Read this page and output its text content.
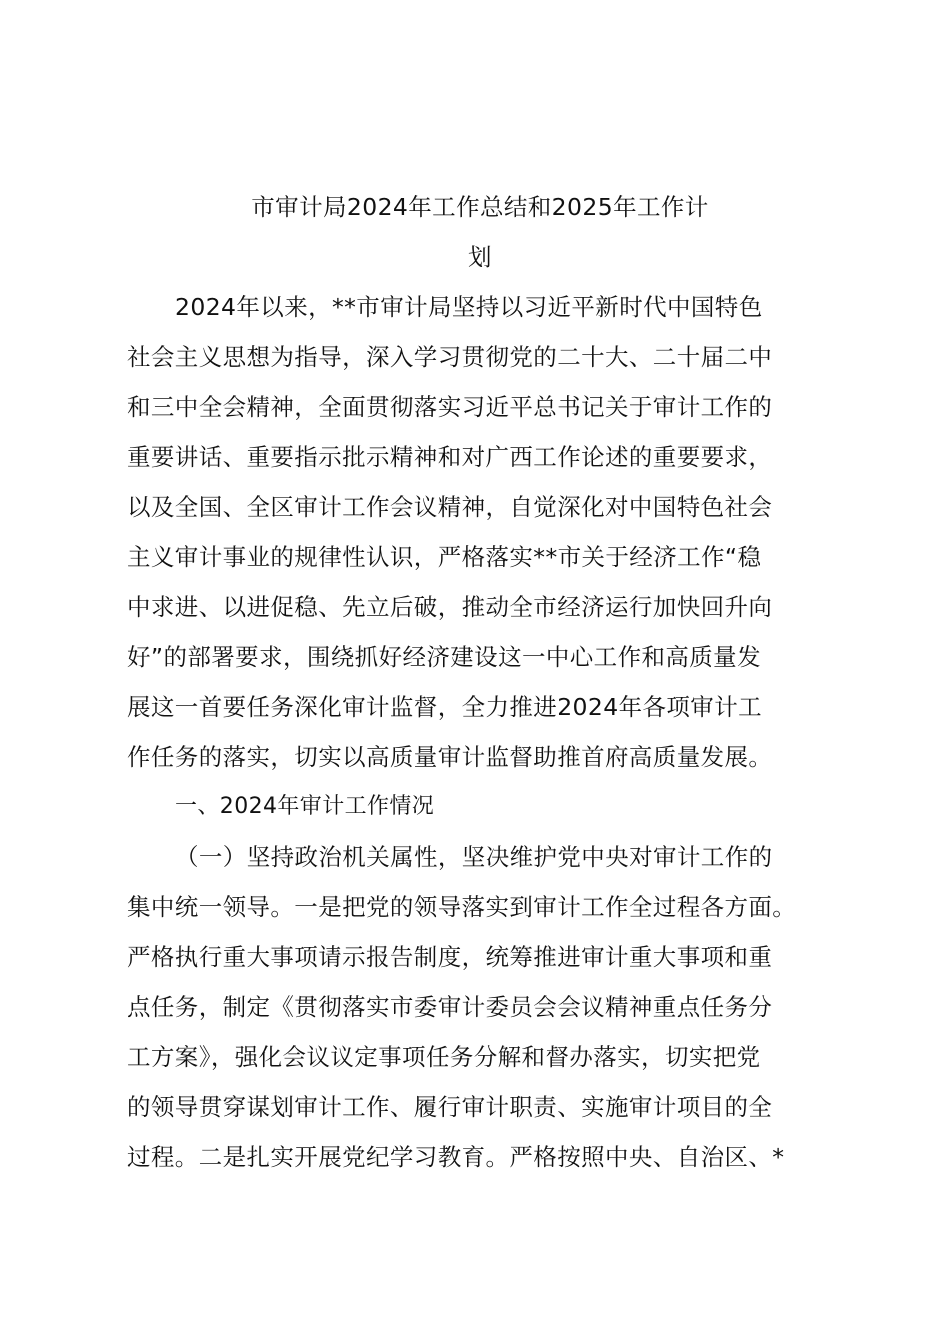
市审计局2024年工作总结和2025年工作计
划
2024年以来，**市审计局坚持以习近平新时代中国特色
社会主义思想为指导，深入学习贯彻党的二十大、二十届二中
和三中全会精神，全面贯彻落实习近平总书记关于审计工作的
重要讲话、重要指示批示精神和对广西工作论述的重要要求，
以及全国、全区审计工作会议精神，自觉深化对中国特色社会
主义审计事业的规律性认识，严格落实**市关于经济工作“稳
中求进、以进促稳、先立后破，推动全市经济运行加快回升向
好”的部署要求，围绕抓好经济建设这一中心工作和高质量发
展这一首要任务深化审计监督，全力推进2024年各项审计工
作任务的落实，切实以高质量审计监督助推首府高质量发展。
一、2024年审计工作情况
（一）坚持政治机关属性，坚决维护党中央对审计工作的
集中统一领导。一是把党的领导落实到审计工作全过程各方面。
严格执行重大事项请示报告制度，统筹推进审计重大事项和重
点任务，制定《贯彻落实市委审计委员会会议精神重点任务分
工方案》，强化会议议定事项任务分解和督办落实，切实把党
的领导贯穿谋划审计工作、履行审计职责、实施审计项目的全
过程。二是扎实开展党纪学习教育。严格按照中央、自治区、*
